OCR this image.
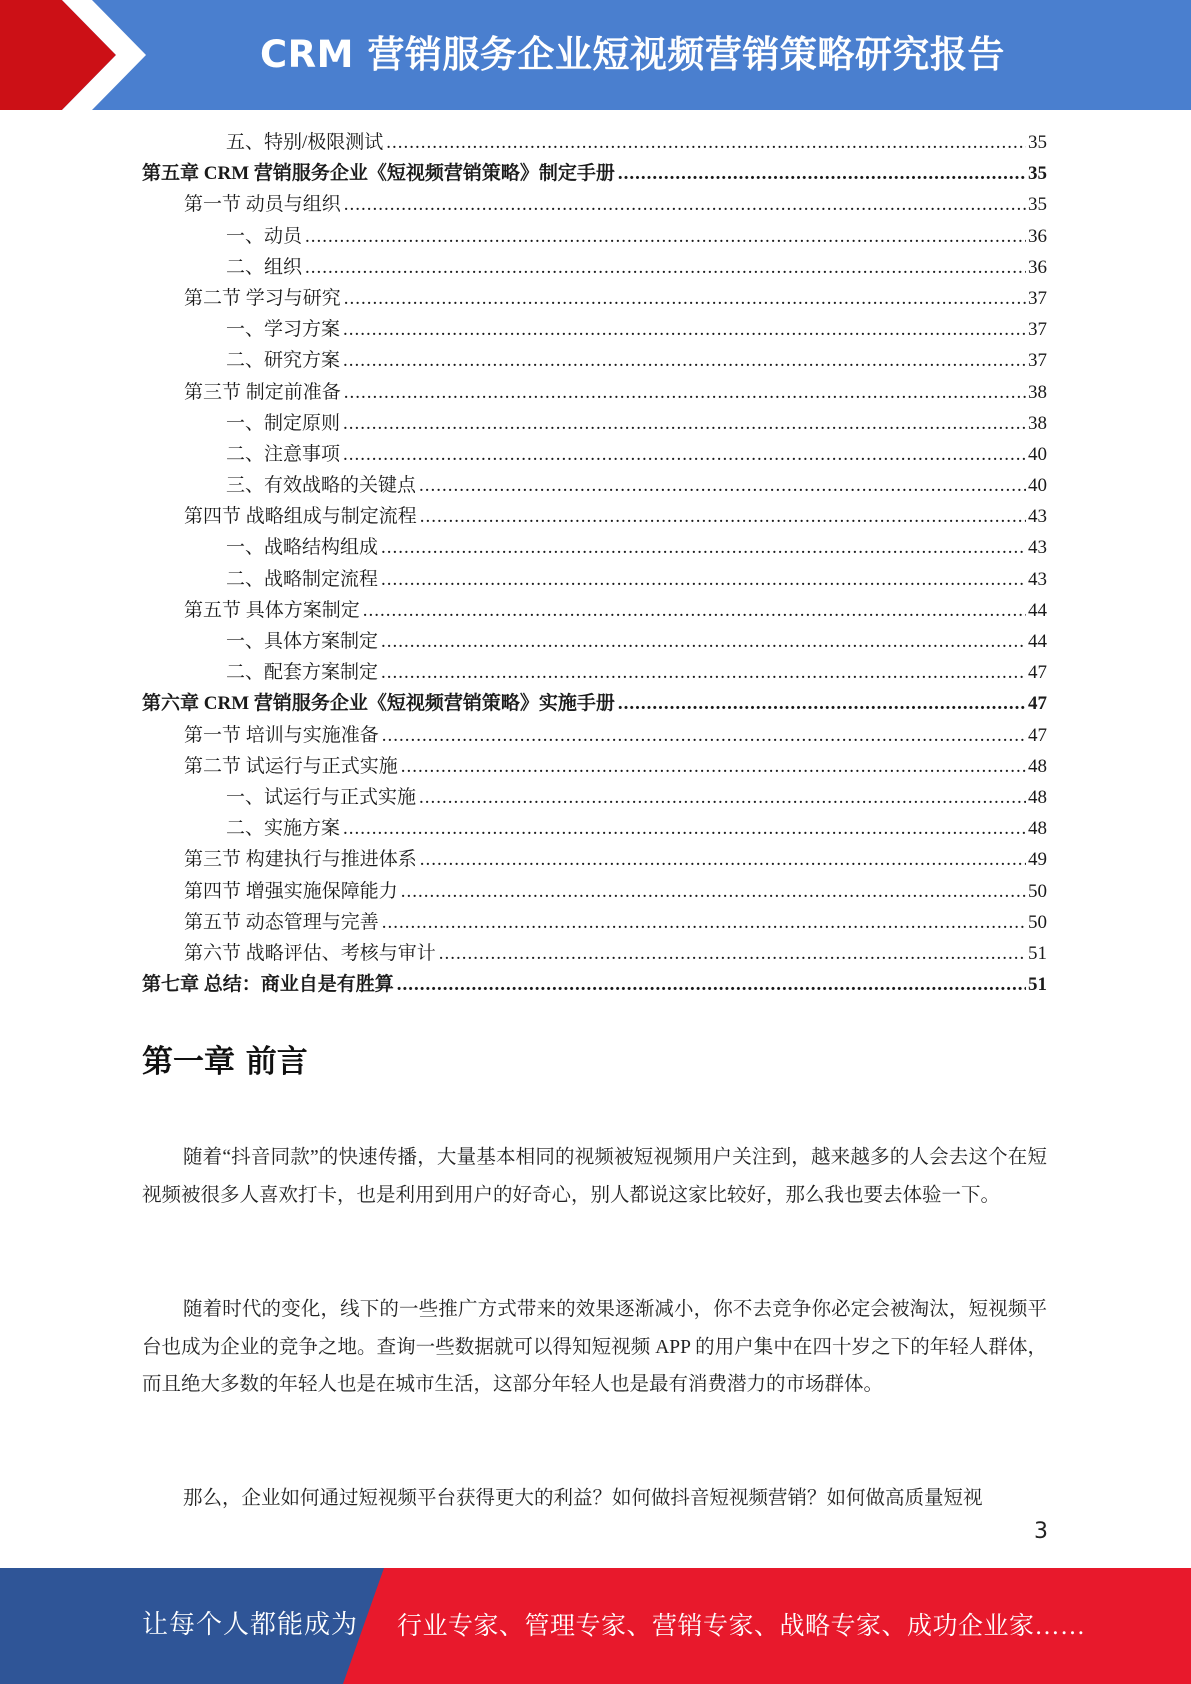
CRM 营销服务企业短视频营销策略研究报告
五、特别/极限测试 .....	35
第五章 CRM 营销服务企业《短视频营销策略》制定手册 .....	35
第一节 动员与组织 .....	35
一、动员 .....	36
二、组织 .....	36
第二节 学习与研究 .....	37
一、学习方案 .....	37
二、研究方案 .....	37
第三节 制定前准备 .....	38
一、制定原则 .....	38
二、注意事项 .....	40
三、有效战略的关键点 .....	40
第四节 战略组成与制定流程 .....	43
一、战略结构组成 .....	43
二、战略制定流程 .....	43
第五节 具体方案制定 .....	44
一、具体方案制定 .....	44
二、配套方案制定 .....	47
第六章 CRM 营销服务企业《短视频营销策略》实施手册 .....	47
第一节 培训与实施准备 .....	47
第二节 试运行与正式实施 .....	48
一、试运行与正式实施 .....	48
二、实施方案 .....	48
第三节 构建执行与推进体系 .....	49
第四节 增强实施保障能力 .....	50
第五节 动态管理与完善 .....	50
第六节 战略评估、考核与审计 .....	51
第七章 总结：商业自是有胜算 .....	51
第一章 前言

随着“抖音同款”的快速传播，大量基本相同的视频被短视频用户关注到，越来越多的人会去这个在短视频被很多人喜欢打卡，也是利用到用户的好奇心，别人都说这家比较好，那么我也要去体验一下。

随着时代的变化，线下的一些推广方式带来的效果逐渐减小，你不去竞争你必定会被淘汰，短视频平台也成为企业的竞争之地。查询一些数据就可以得知短视频 APP 的用户集中在四十岁之下的年轻人群体，而且绝大多数的年轻人也是在城市生活，这部分年轻人也是最有消费潜力的市场群体。

那么，企业如何通过短视频平台获得更大的利益？如何做抖音短视频营销？如何做高质量短视

3
让每个人都能成为 行业专家、管理专家、营销专家、战略专家、成功企业家……
